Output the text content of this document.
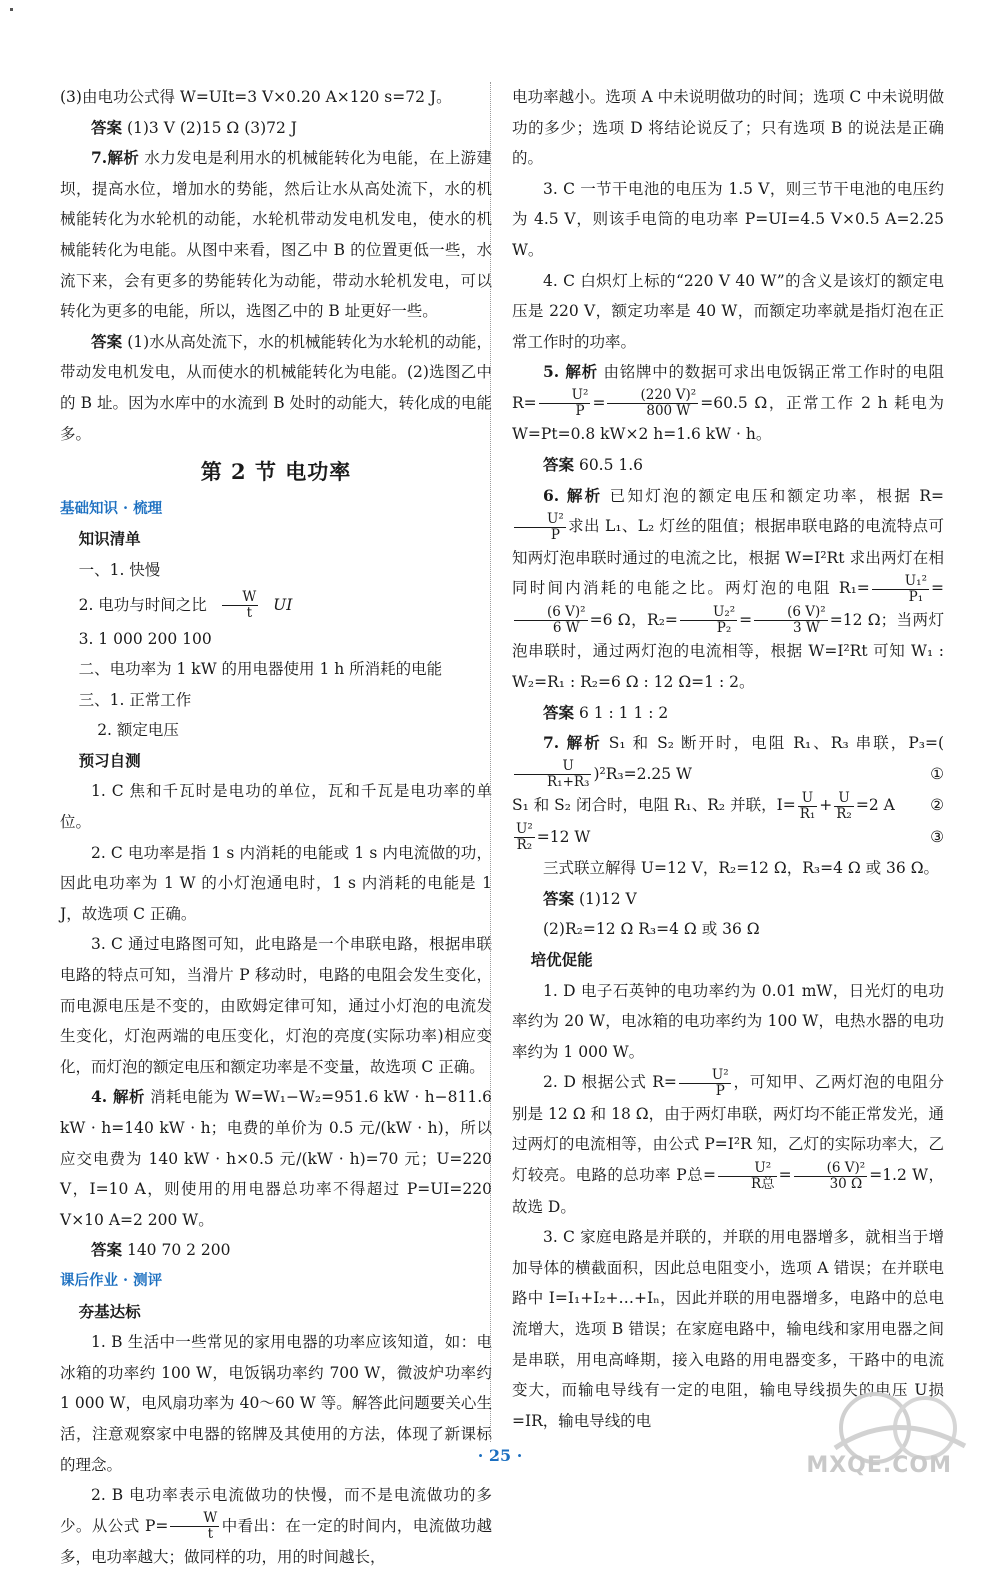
(3)由电功公式得 W=UIt=3 V×0.20 A×120 s=72 J。

答案 (1)3 V (2)15 Ω (3)72 J

7.解析 水力发电是利用水的机械能转化为电能，在上游建坝，提高水位，增加水的势能，然后让水从高处流下，水的机械能转化为水轮机的动能，水轮机带动发电机发电，使水的机械能转化为电能。从图中来看，图乙中 B 的位置更低一些，水流下来，会有更多的势能转化为动能，带动水轮机发电，可以转化为更多的电能，所以，选图乙中的 B 址更好一些。

答案 (1)水从高处流下，水的机械能转化为水轮机的动能，带动发电机发电，从而使水的机械能转化为电能。(2)选图乙中的 B 址。因为水库中的水流到 B 处时的动能大，转化成的电能多。

第 2 节 电功率

基础知识 · 梳理

知识清单

一、1. 快慢

2. 电功与时间之比 $\frac{W}{t}$ UI

3. 1 000 200 100

二、电功率为 1 kW 的用电器使用 1 h 所消耗的电能

三、1. 正常工作

2. 额定电压

预习自测

1. C 焦和千瓦时是电功的单位，瓦和千瓦是电功率的单位。

2. C 电功率是指 1 s 内消耗的电能或 1 s 内电流做的功，因此电功率为 1 W 的小灯泡通电时，1 s 内消耗的电能是 1 J，故选项 C 正确。

3. C 通过电路图可知，此电路是一个串联电路，根据串联电路的特点可知，当滑片 P 移动时，电路的电阻会发生变化，而电源电压是不变的，由欧姆定律可知，通过小灯泡的电流发生变化，灯泡两端的电压变化，灯泡的亮度(实际功率)相应变化，而灯泡的额定电压和额定功率是不变量，故选项 C 正确。

4. 解析 消耗电能为 W=W₁−W₂=951.6 kW · h−811.6 kW · h=140 kW · h；电费的单价为 0.5 元/(kW · h)，所以应交电费为 140 kW · h×0.5 元/(kW · h)=70 元；U=220 V，I=10 A，则使用的用电器总功率不得超过 P=UI=220 V×10 A=2 200 W。

答案 140 70 2 200

课后作业 · 测评

夯基达标

1. B 生活中一些常见的家用电器的功率应该知道，如：电冰箱的功率约 100 W，电饭锅功率约 700 W，微波炉功率约 1 000 W，电风扇功率为 40～60 W 等。解答此问题要关心生活，注意观察家中电器的铭牌及其使用的方法，体现了新课标的理念。

2. B 电功率表示电流做功的快慢，而不是电流做功的多少。从公式 $P= \frac{W}{t}$ 中看出：在一定的时间内，电流做功越多，电功率越大；做同样的功，用的时间越长，

电功率越小。选项 A 中未说明做功的时间；选项 C 中未说明做功的多少；选项 D 将结论说反了；只有选项 B 的说法是正确的。

3. C 一节干电池的电压为 1.5 V，则三节干电池的电压约为 4.5 V，则该手电筒的电功率 P=UI=4.5 V×0.5 A=2.25 W。

4. C 白炽灯上标的“220 V 40 W”的含义是该灯的额定电压是 220 V，额定功率是 40 W，而额定功率就是指灯泡在正常工作时的功率。

5. 解析 由铭牌中的数据可求出电饭锅正常工作时的电阻 $R= \frac{\text{U²}}{P} = \frac{\text{(220 V)²}}{800 W} =60.5$ Ω，正常工作 2 h 耗电为 W=Pt=0.8 kW×2 h=1.6 kW · h。

答案 60.5 1.6

6. 解析 已知灯泡的额定电压和额定功率，根据 R=
$\frac{\text{U²}}{P}$ 求出 L₁、L₂ 灯丝的阻值；根据串联电路的电流特点可知两灯泡串联时通过的电流之比，根据 W=I²Rt 求出两灯在相同时间内消耗的电能之比。两灯泡的电阻 $R_1= \frac{\text{U₁²}}{\text{P₁}}$ =
$\frac{\text{(6 V)²}}{6 W} =6$ Ω，$R_2= \frac{\text{U₂²}}{\text{P₂}} = \frac{\text{(6 V)²}}{3 W} =12$ Ω；当两灯泡串联时，通过两灯泡的电流相等，根据 W=I²Rt 可知 W₁ : W₂=R₁ : R₂=6 Ω : 12 Ω=1 : 2。

答案 6 1 : 1 1 : 2

7. 解析 S₁ 和 S₂ 断开时，电阻 R₁、R₃ 串联，P₃=(
$\frac{U}{\text{R₁+R₃}} )^2R_3=2.25$ W	①

S₁ 和 S₂ 闭合时，电阻 R₁、R₂ 并联，$I= \frac{U}{\text{R₁}} + \frac{U}{\text{R₂}} =2$ A ②

$\frac{\text{U²}}{\text{R₂}} =12$ W	③

三式联立解得 U=12 V，R₂=12 Ω，R₃=4 Ω 或 36 Ω。

答案 (1)12 V

(2)R₂=12 Ω R₃=4 Ω 或 36 Ω

培优促能

1. D 电子石英钟的电功率约为 0.01 mW，日光灯的电功率约为 20 W，电冰箱的电功率约为 100 W，电热水器的电功率约为 1 000 W。

2. D 根据公式 $R= \frac{\text{U²}}{P}$ ，可知甲、乙两灯泡的电阻分别是 12 Ω 和 18 Ω，由于两灯串联，两灯均不能正常发光，通过两灯的电流相等，由公式 P=I²R 知，乙灯的实际功率大，乙灯较亮。电路的总功率 P总= $\frac{\text{U²}}{\text{R总}} = \frac{\text{(6 V)²}}{30 \Omega} =1.2$ W，故选 D。

3. C 家庭电路是并联的，并联的用电器增多，就相当于增加导体的横截面积，因此总电阻变小，选项 A 错误；在并联电路中 I=I₁+I₂+…+Iₙ，因此并联的用电器增多，电路中的总电流增大，选项 B 错误；在家庭电路中，输电线和家用电器之间是串联，用电高峰期，接入电路的用电器变多，干路中的电流变大，而输电导线有一定的电阻，输电导线损失的电压 U损=IR，输电导线的电

· 25 ·	MXQE.COM
